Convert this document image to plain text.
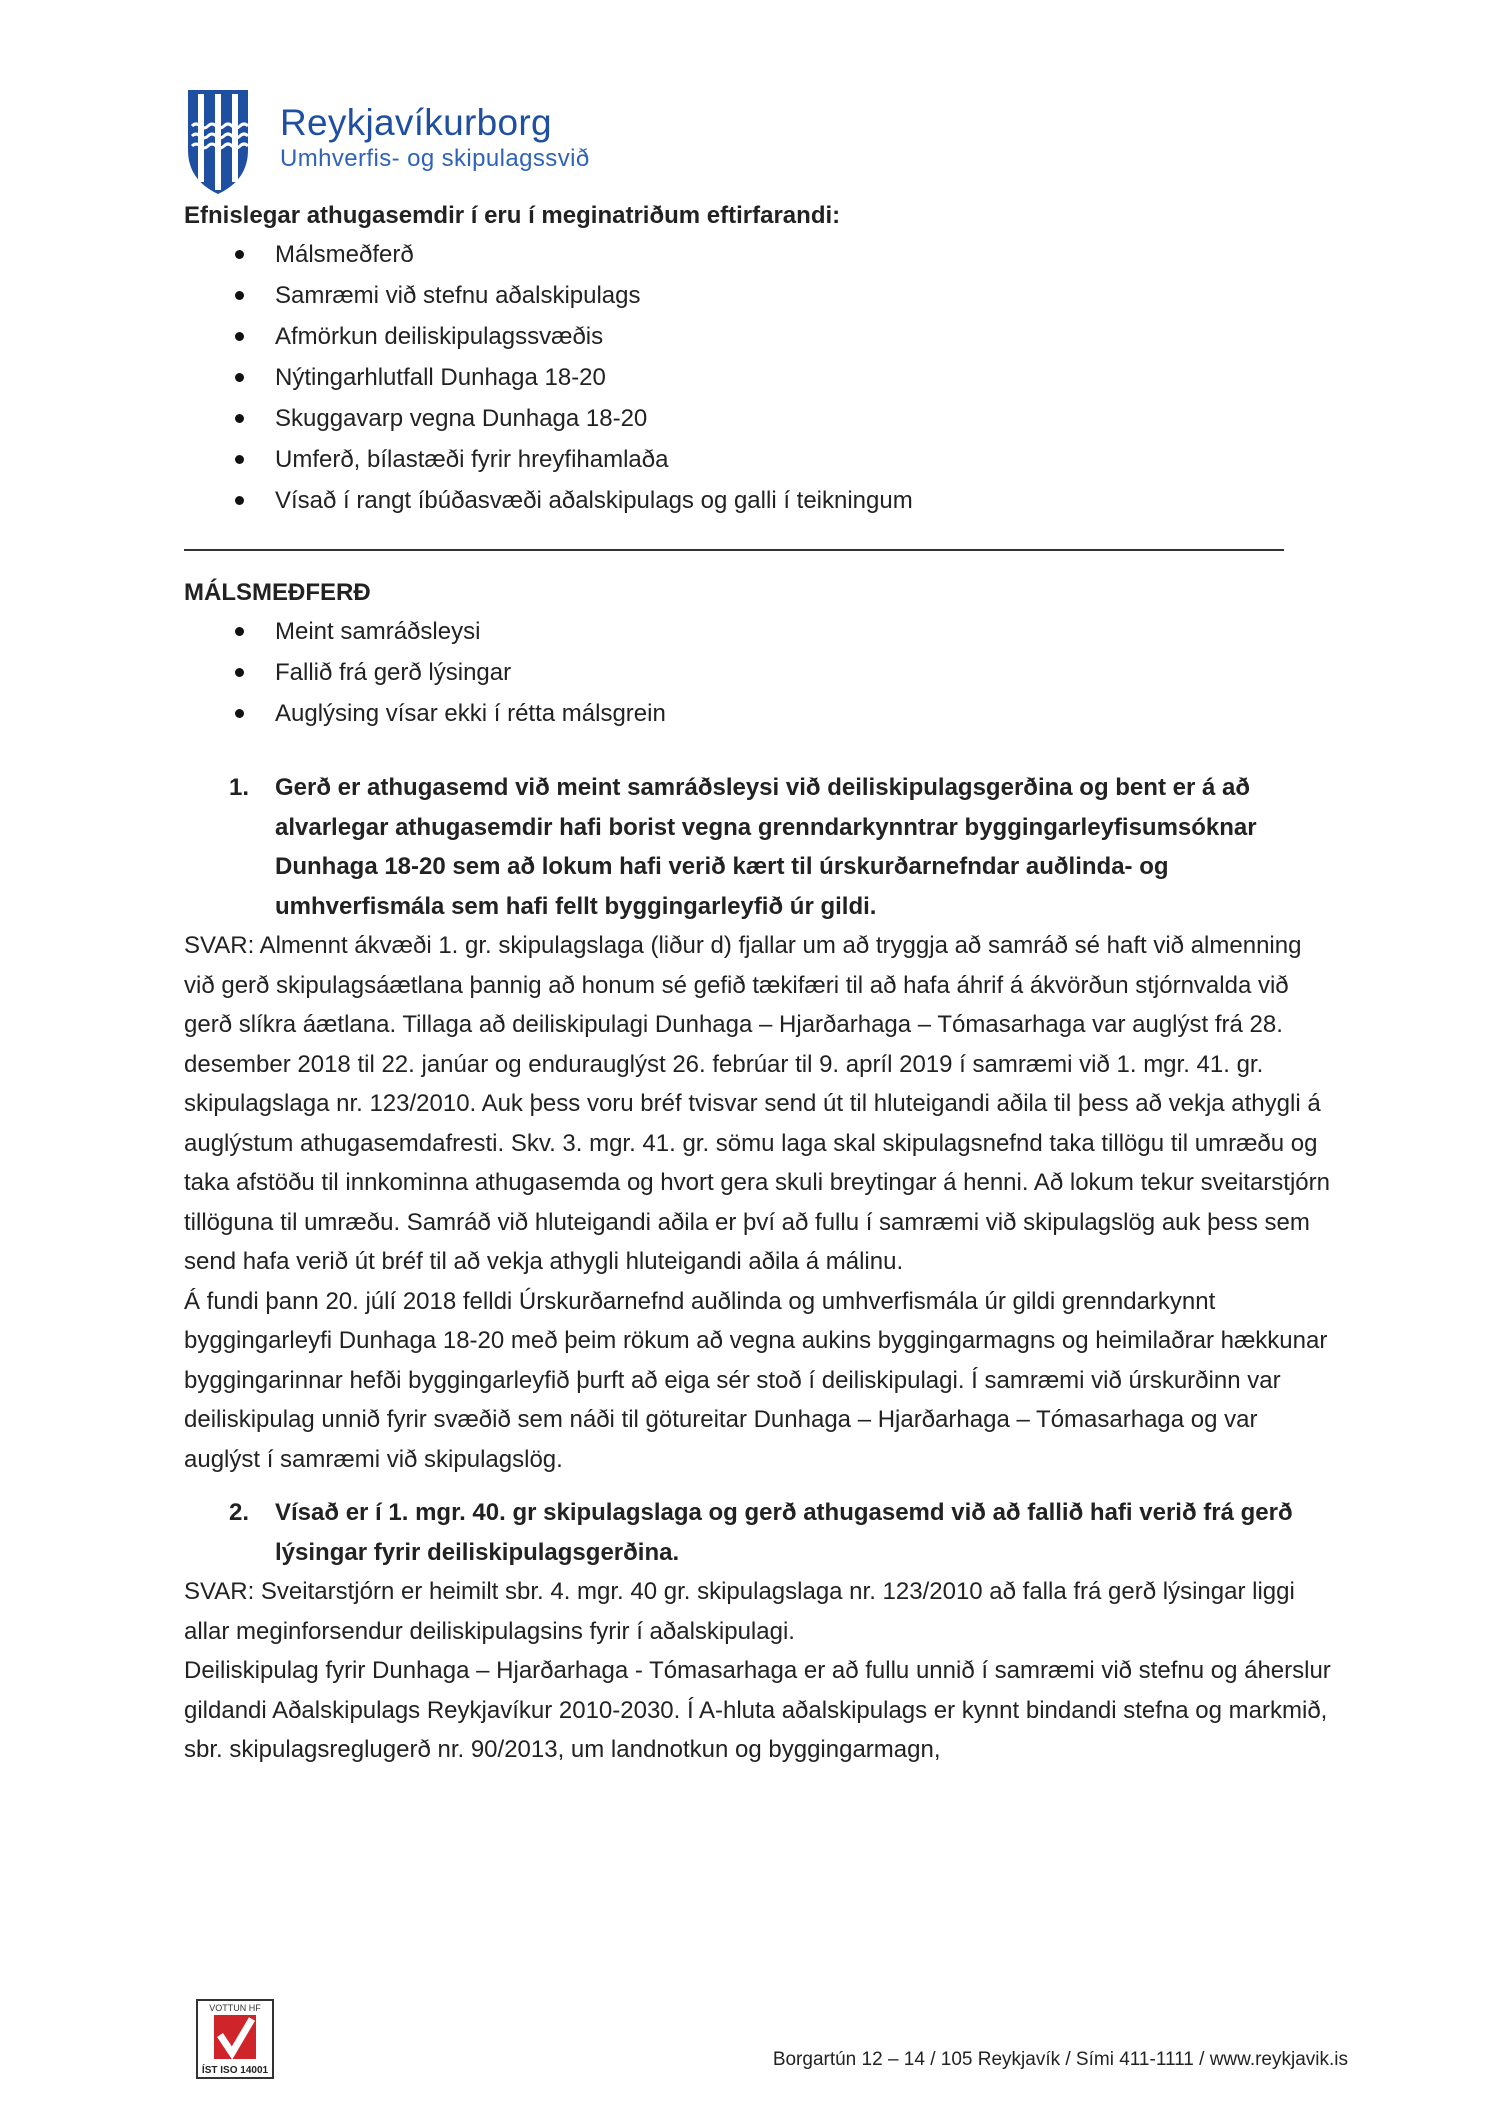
Reykjavíkurborg
Umhverfis- og skipulagssvið

Efnislegar athugasemdir í eru í meginatriðum eftirfarandi:

Málsmeðferð
Samræmi við stefnu aðalskipulags
Afmörkun deiliskipulagssvæðis
Nýtingarhlutfall Dunhaga 18-20
Skuggavarp vegna Dunhaga 18-20
Umferð, bílastæði fyrir hreyfihamlaða
Vísað í rangt íbúðasvæði aðalskipulags og galli í teikningum
MÁLSMEÐFERÐ
Meint samráðsleysi
Fallið frá gerð lýsingar
Auglýsing vísar ekki í rétta málsgrein
1. Gerð er athugasemd við meint samráðsleysi við deiliskipulagsgerðina og bent er á að alvarlegar athugasemdir hafi borist vegna grenndarkynntrar byggingarleyfisumsóknar Dunhaga 18-20 sem að lokum hafi verið kært til úrskurðarnefndar auðlinda- og umhverfismála sem hafi fellt byggingarleyfið úr gildi.

SVAR: Almennt ákvæði 1. gr. skipulagslaga (liður d) fjallar um að tryggja að samráð sé haft við almenning við gerð skipulagsáætlana þannig að honum sé gefið tækifæri til að hafa áhrif á ákvörðun stjórnvalda við gerð slíkra áætlana. Tillaga að deiliskipulagi Dunhaga – Hjarðarhaga – Tómasarhaga var auglýst frá 28. desember 2018 til 22. janúar og endurauglýst 26. febrúar til 9. apríl 2019 í samræmi við 1. mgr. 41. gr. skipulagslaga nr. 123/2010. Auk þess voru bréf tvisvar send út til hluteigandi aðila til þess að vekja athygli á auglýstum athugasemdafresti. Skv. 3. mgr. 41. gr. sömu laga skal skipulagsnefnd taka tillögu til umræðu og taka afstöðu til innkominna athugasemda og hvort gera skuli breytingar á henni. Að lokum tekur sveitarstjórn tillöguna til umræðu. Samráð við hluteigandi aðila er því að fullu í samræmi við skipulagslög auk þess sem send hafa verið út bréf til að vekja athygli hluteigandi aðila á málinu.

Á fundi þann 20. júlí 2018 felldi Úrskurðarnefnd auðlinda og umhverfismála úr gildi grenndarkynnt byggingarleyfi Dunhaga 18-20 með þeim rökum að vegna aukins byggingarmagns og heimilaðrar hækkunar byggingarinnar hefði byggingarleyfið þurft að eiga sér stoð í deiliskipulagi. Í samræmi við úrskurðinn var deiliskipulag unnið fyrir svæðið sem náði til götureitar Dunhaga – Hjarðarhaga – Tómasarhaga og var auglýst í samræmi við skipulagslög.

2. Vísað er í 1. mgr. 40. gr skipulagslaga og gerð athugasemd við að fallið hafi verið frá gerð lýsingar fyrir deiliskipulagsgerðina.

SVAR: Sveitarstjórn er heimilt sbr. 4. mgr. 40 gr. skipulagslaga nr. 123/2010 að falla frá gerð lýsingar liggi allar meginforsendur deiliskipulagsins fyrir í aðalskipulagi.

Deiliskipulag fyrir Dunhaga – Hjarðarhaga - Tómasarhaga er að fullu unnið í samræmi við stefnu og áherslur gildandi Aðalskipulags Reykjavíkur 2010-2030. Í A-hluta aðalskipulags er kynnt bindandi stefna og markmið, sbr. skipulagsreglugerð nr. 90/2013, um landnotkun og byggingarmagn,

VOTTUN HF
ÍST ISO 14001
Borgartún 12 – 14 / 105 Reykjavík / Sími 411-1111 / www.reykjavik.is
